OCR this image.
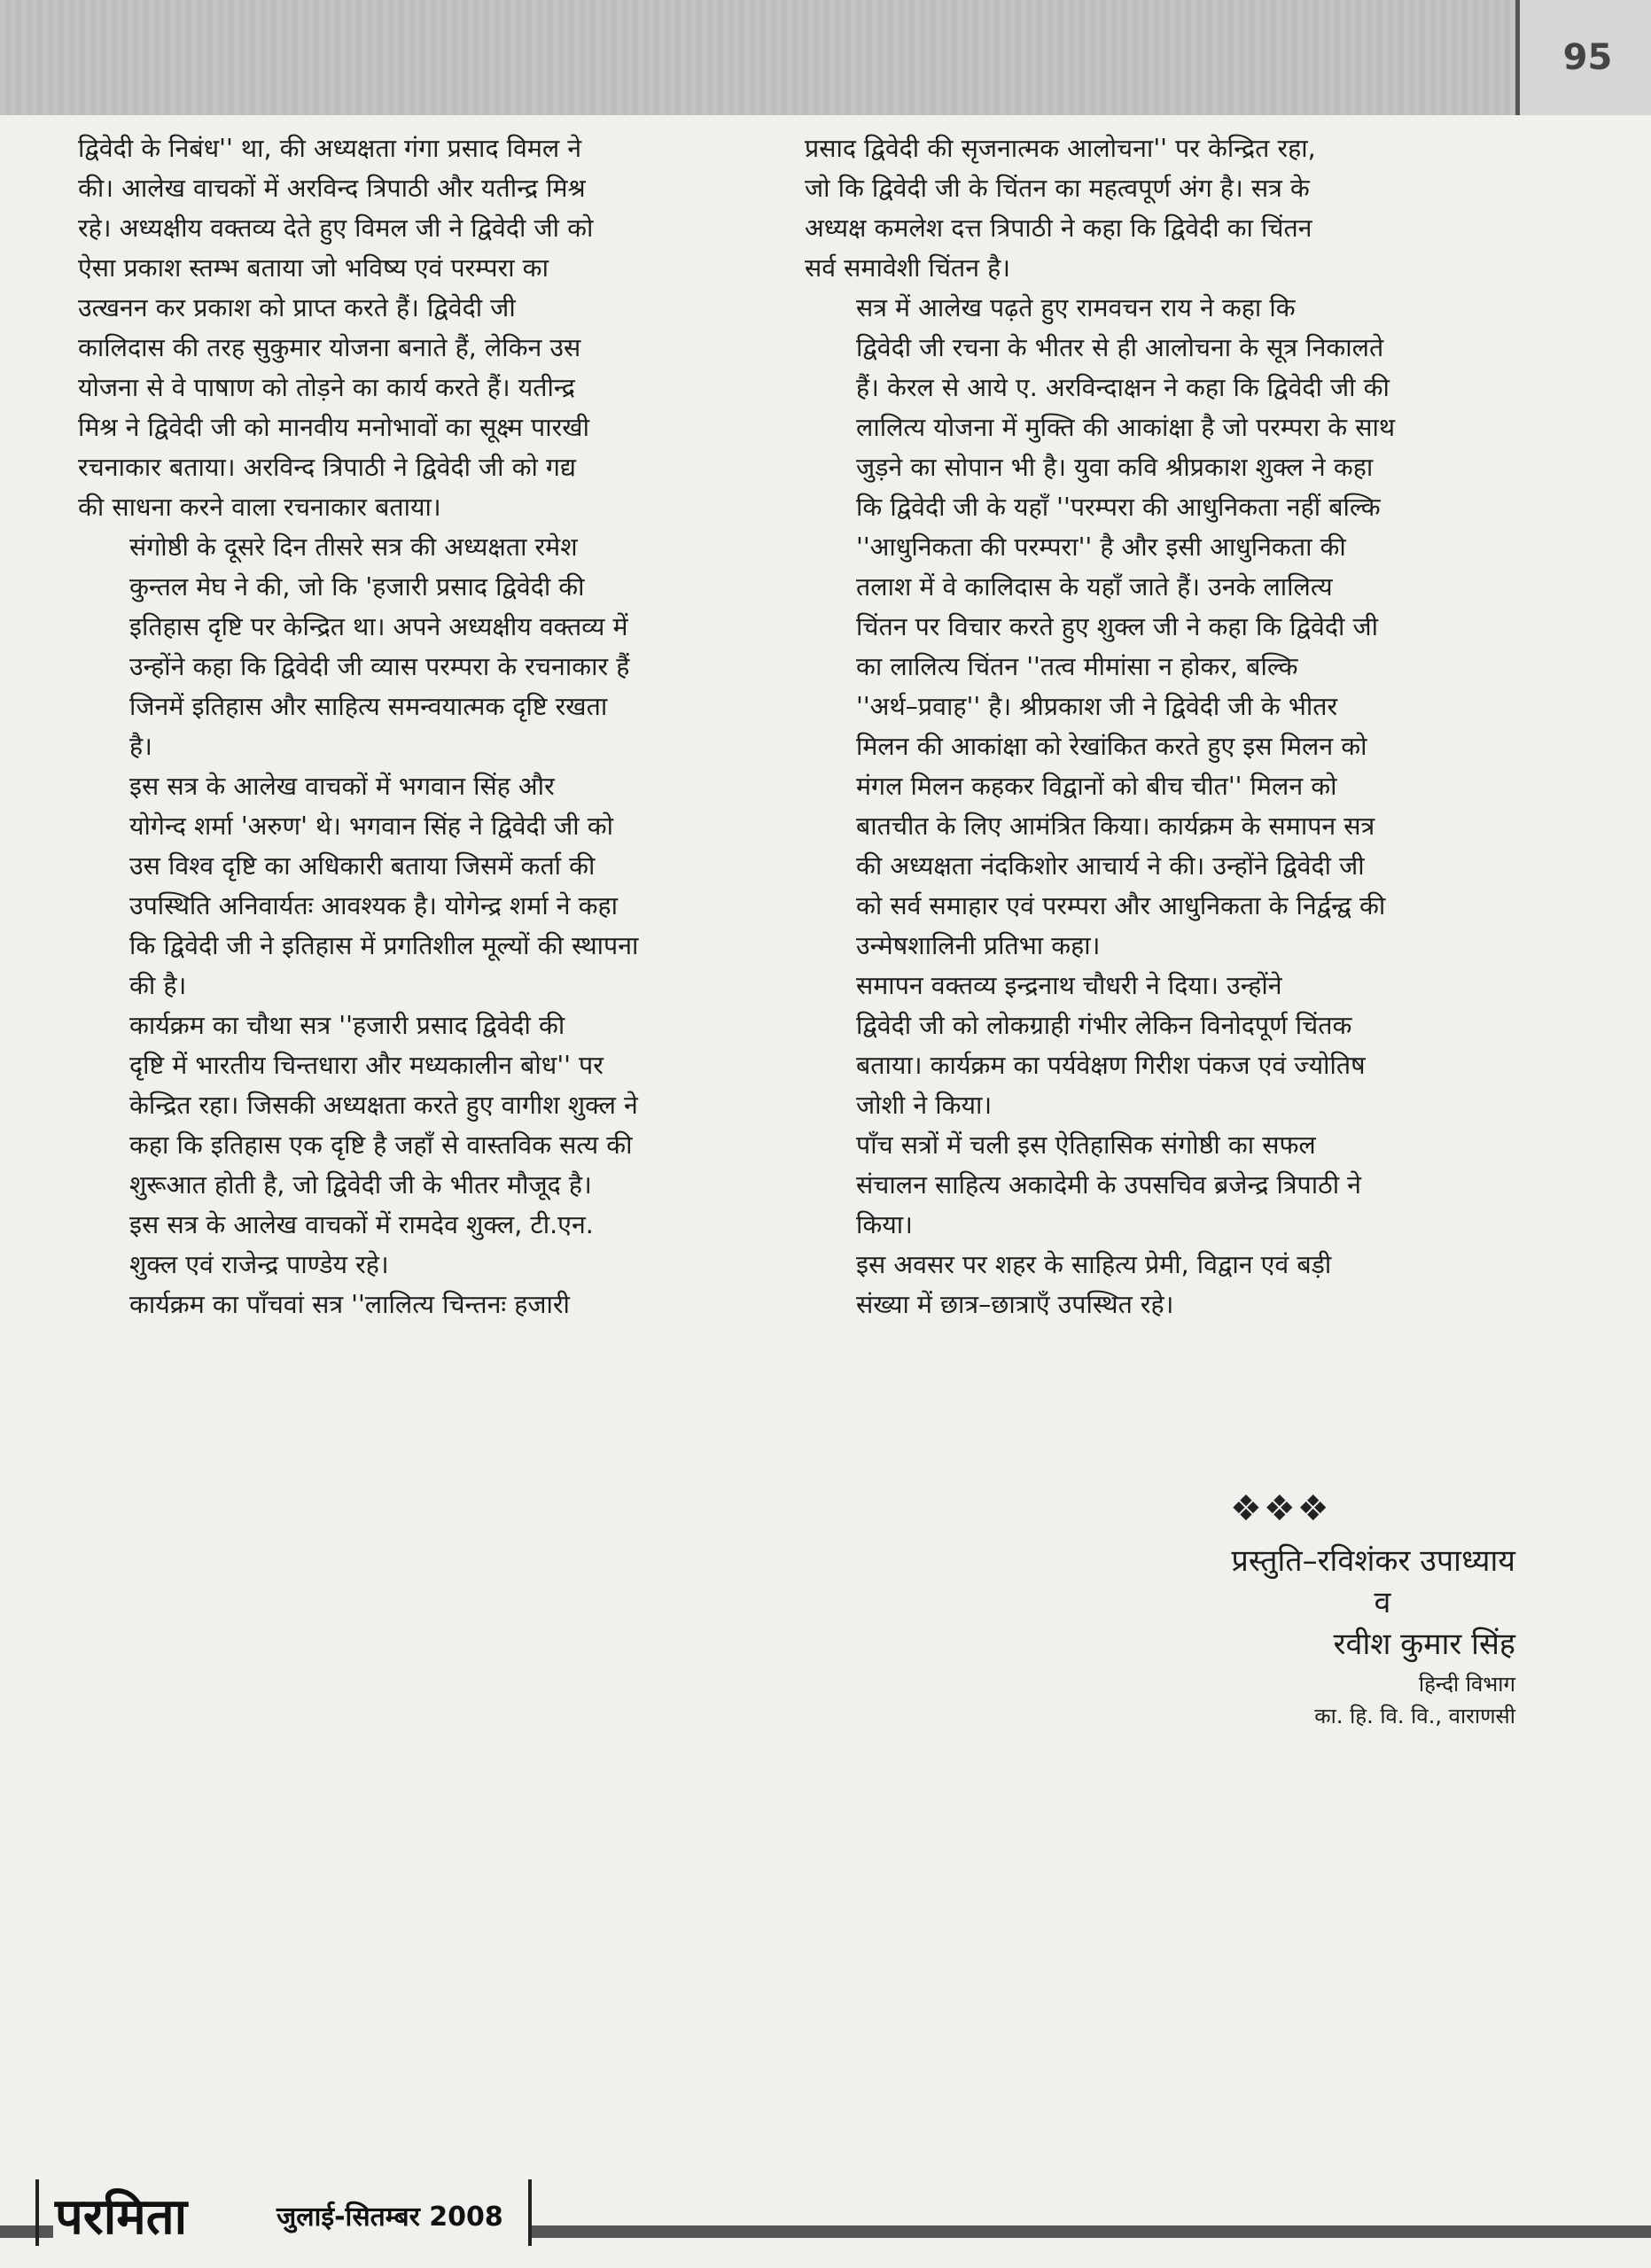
95

द्विवेदी के निबंध'' था, की अध्यक्षता गंगा प्रसाद विमल ने
की। आलेख वाचकों में अरविन्द त्रिपाठी और यतीन्द्र मिश्र
रहे। अध्यक्षीय वक्तव्य देते हुए विमल जी ने द्विवेदी जी को
ऐसा प्रकाश स्तम्भ बताया जो भविष्य एवं परम्परा का
उत्खनन कर प्रकाश को प्राप्त करते हैं। द्विवेदी जी
कालिदास की तरह सुकुमार योजना बनाते हैं, लेकिन उस
योजना से वे पाषाण को तोड़ने का कार्य करते हैं। यतीन्द्र
मिश्र ने द्विवेदी जी को मानवीय मनोभावों का सूक्ष्म पारखी
रचनाकार बताया। अरविन्द त्रिपाठी ने द्विवेदी जी को गद्य
की साधना करने वाला रचनाकार बताया।

संगोष्ठी के दूसरे दिन तीसरे सत्र की अध्यक्षता रमेश
कुन्तल मेघ ने की, जो कि 'हजारी प्रसाद द्विवेदी की
इतिहास दृष्टि पर केन्द्रित था। अपने अध्यक्षीय वक्तव्य में
उन्होंने कहा कि द्विवेदी जी व्यास परम्परा के रचनाकार हैं
जिनमें इतिहास और साहित्य समन्वयात्मक दृष्टि रखता
है।

इस सत्र के आलेख वाचकों में भगवान सिंह और
योगेन्द शर्मा 'अरुण' थे। भगवान सिंह ने द्विवेदी जी को
उस विश्व दृष्टि का अधिकारी बताया जिसमें कर्ता की
उपस्थिति अनिवार्यतः आवश्यक है। योगेन्द्र शर्मा ने कहा
कि द्विवेदी जी ने इतिहास में प्रगतिशील मूल्यों की स्थापना
की है।

कार्यक्रम का चौथा सत्र ''हजारी प्रसाद द्विवेदी की
दृष्टि में भारतीय चिन्तधारा और मध्यकालीन बोध'' पर
केन्द्रित रहा। जिसकी अध्यक्षता करते हुए वागीश शुक्ल ने
कहा कि इतिहास एक दृष्टि है जहाँ से वास्तविक सत्य की
शुरूआत होती है, जो द्विवेदी जी के भीतर मौजूद है।

इस सत्र के आलेख वाचकों में रामदेव शुक्ल, टी.एन.
शुक्ल एवं राजेन्द्र पाण्डेय रहे।

कार्यक्रम का पाँचवां सत्र ''लालित्य चिन्तनः हजारी

प्रसाद द्विवेदी की सृजनात्मक आलोचना'' पर केन्द्रित रहा,
जो कि द्विवेदी जी के चिंतन का महत्वपूर्ण अंग है। सत्र के
अध्यक्ष कमलेश दत्त त्रिपाठी ने कहा कि द्विवेदी का चिंतन
सर्व समावेशी चिंतन है।

सत्र में आलेख पढ़ते हुए रामवचन राय ने कहा कि
द्विवेदी जी रचना के भीतर से ही आलोचना के सूत्र निकालते
हैं। केरल से आये ए. अरविन्दाक्षन ने कहा कि द्विवेदी जी की
लालित्य योजना में मुक्ति की आकांक्षा है जो परम्परा के साथ
जुड़ने का सोपान भी है। युवा कवि श्रीप्रकाश शुक्ल ने कहा
कि द्विवेदी जी के यहाँ ''परम्परा की आधुनिकता नहीं बल्कि
''आधुनिकता की परम्परा'' है और इसी आधुनिकता की
तलाश में वे कालिदास के यहाँ जाते हैं। उनके लालित्य
चिंतन पर विचार करते हुए शुक्ल जी ने कहा कि द्विवेदी जी
का लालित्य चिंतन ''तत्व मीमांसा न होकर, बल्कि
''अर्थ–प्रवाह'' है। श्रीप्रकाश जी ने द्विवेदी जी के भीतर
मिलन की आकांक्षा को रेखांकित करते हुए इस मिलन को
मंगल मिलन कहकर विद्वानों को बीच चीत'' मिलन को
बातचीत के लिए आमंत्रित किया। कार्यक्रम के समापन सत्र
की अध्यक्षता नंदकिशोर आचार्य ने की। उन्होंने द्विवेदी जी
को सर्व समाहार एवं परम्परा और आधुनिकता के निर्द्वन्द्व की
उन्मेषशालिनी प्रतिभा कहा।

समापन वक्तव्य इन्द्रनाथ चौधरी ने दिया। उन्होंने
द्विवेदी जी को लोकग्राही गंभीर लेकिन विनोदपूर्ण चिंतक
बताया। कार्यक्रम का पर्यवेक्षण गिरीश पंकज एवं ज्योतिष
जोशी ने किया।

पाँच सत्रों में चली इस ऐतिहासिक संगोष्ठी का सफल
संचालन साहित्य अकादेमी के उपसचिव ब्रजेन्द्र त्रिपाठी ने
किया।

इस अवसर पर शहर के साहित्य प्रेमी, विद्वान एवं बड़ी
संख्या में छात्र–छात्राएँ उपस्थित रहे।

❖❖❖
प्रस्तुति–रविशंकर उपाध्याय
व
रवीश कुमार सिंह
हिन्दी विभाग
का. हि. वि. वि., वाराणसी
परमिता	जुलाई-सितम्बर 2008
